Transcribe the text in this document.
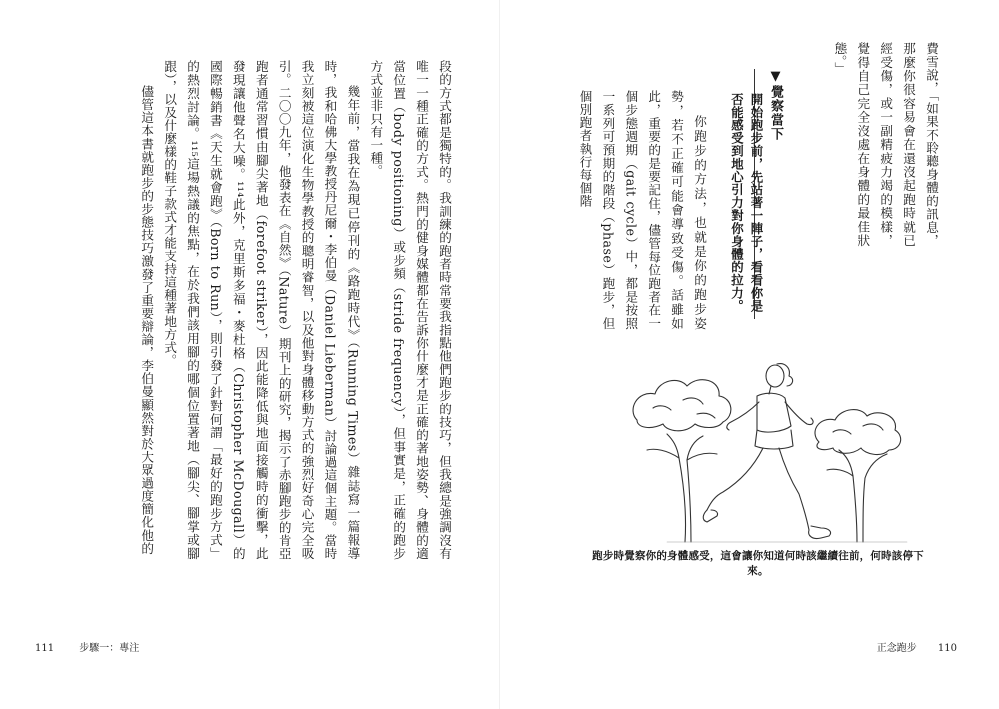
段的方式都是獨特的。我訓練的跑者時常要我指點他們跑步的技巧，但我總是強調沒有唯一一種正確的方式。熱門的健身媒體都在告訴你什麼才是正確的著地姿勢、身體的適當位置（body positioning）或步頻（stride frequency），但事實是，正確的跑步方式並非只有一種。

幾年前，當我在為現已停刊的《路跑時代》（Running Times）雜誌寫一篇報導時，我和哈佛大學教授丹尼爾・李伯曼（Daniel Lieberman）討論過這個主題。當時我立刻被這位演化生物學教授的聰明睿智，以及他對身體移動方式的強烈好奇心完全吸引。二〇〇九年，他發表在《自然》（Nature）期刊上的研究，揭示了赤腳跑步的肯亞跑者通常習慣由腳尖著地（forefoot striker），因此能降低與地面接觸時的衝擊，此發現讓他聲名大噪。¹¹⁴此外，克里斯多福・麥杜格（Christopher McDougall）的國際暢銷書《天生就會跑》（Born to Run），則引發了針對何謂「最好的跑步方式」的熱烈討論。¹¹⁵這場熱議的焦點，在於我們該用腳的哪個位置著地（腳尖、腳掌或腳跟），以及什麼樣的鞋子款式才能支持這種著地方式。

儘管這本書就跑步的步態技巧激發了重要辯論，李伯曼顯然對於大眾過度簡化他的

111	步驟一：專注

費雪說，「如果不聆聽身體的訊息，那麼你很容易會在還沒起跑時就已經受傷，或一副精疲力竭的模樣，覺得自己完全沒處在身體的最佳狀態。」

▼覺察當下
開始跑步前，先站著一陣子，看看你是否能感受到地心引力對你身體的拉力。

你跑步的方法，也就是你的跑步姿勢，若不正確可能會導致受傷。話雖如此，重要的是要記住，儘管每位跑者在一個步態週期（gait cycle）中，都是按照一系列可預期的階段（phase）跑步，但個別跑者執行每個階

跑步時覺察你的身體感受，這會讓你知道何時該繼續往前，何時該停下來。
正念跑步 110
